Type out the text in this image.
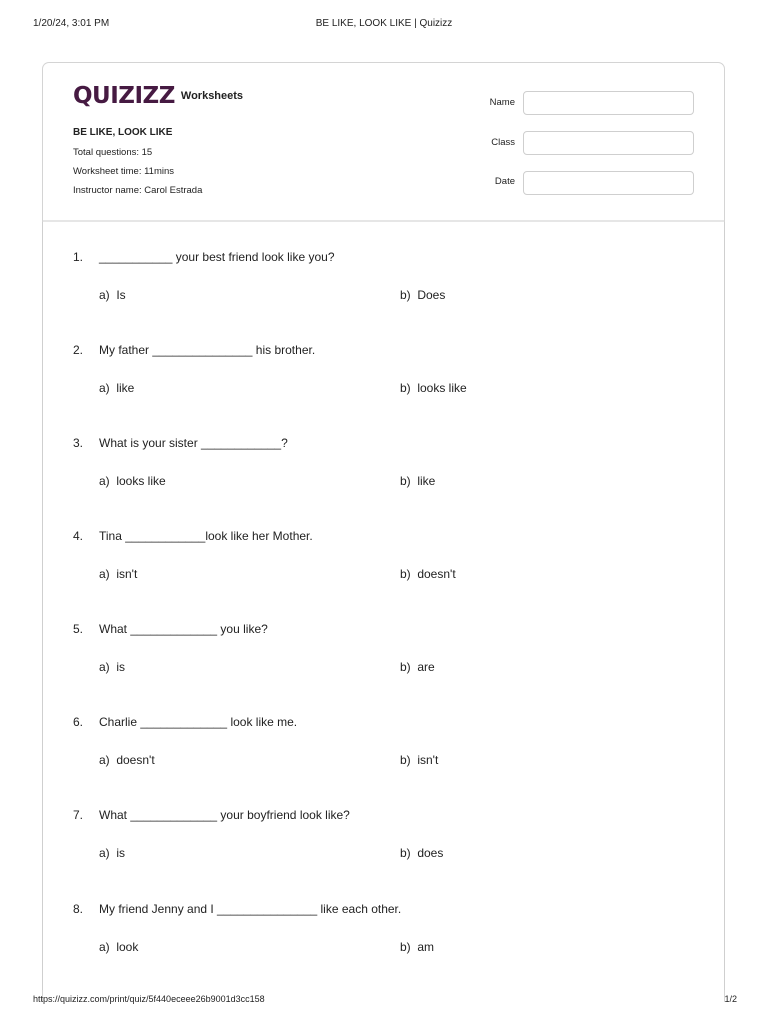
1/20/24, 3:01 PM	BE LIKE, LOOK LIKE | Quizizz
QUIZIZZ Worksheets
BE LIKE, LOOK LIKE
Total questions: 15
Worksheet time: 11mins
Instructor name: Carol Estrada
Name
Class
Date
1. ___________ your best friend look like you?
a)  Is	b)  Does
2. My father _______________ his brother.
a)  like	b)  looks like
3. What is your sister ____________?
a)  looks like	b)  like
4. Tina ____________look like her Mother.
a)  isn't	b)  doesn't
5. What _____________ you like?
a)  is	b)  are
6. Charlie _____________ look like me.
a)  doesn't	b)  isn't
7. What _____________ your boyfriend look like?
a)  is	b)  does
8. My friend Jenny and I _______________ like each other.
a)  look	b)  am
https://quizizz.com/print/quiz/5f440eceee26b9001d3cc158	1/2
